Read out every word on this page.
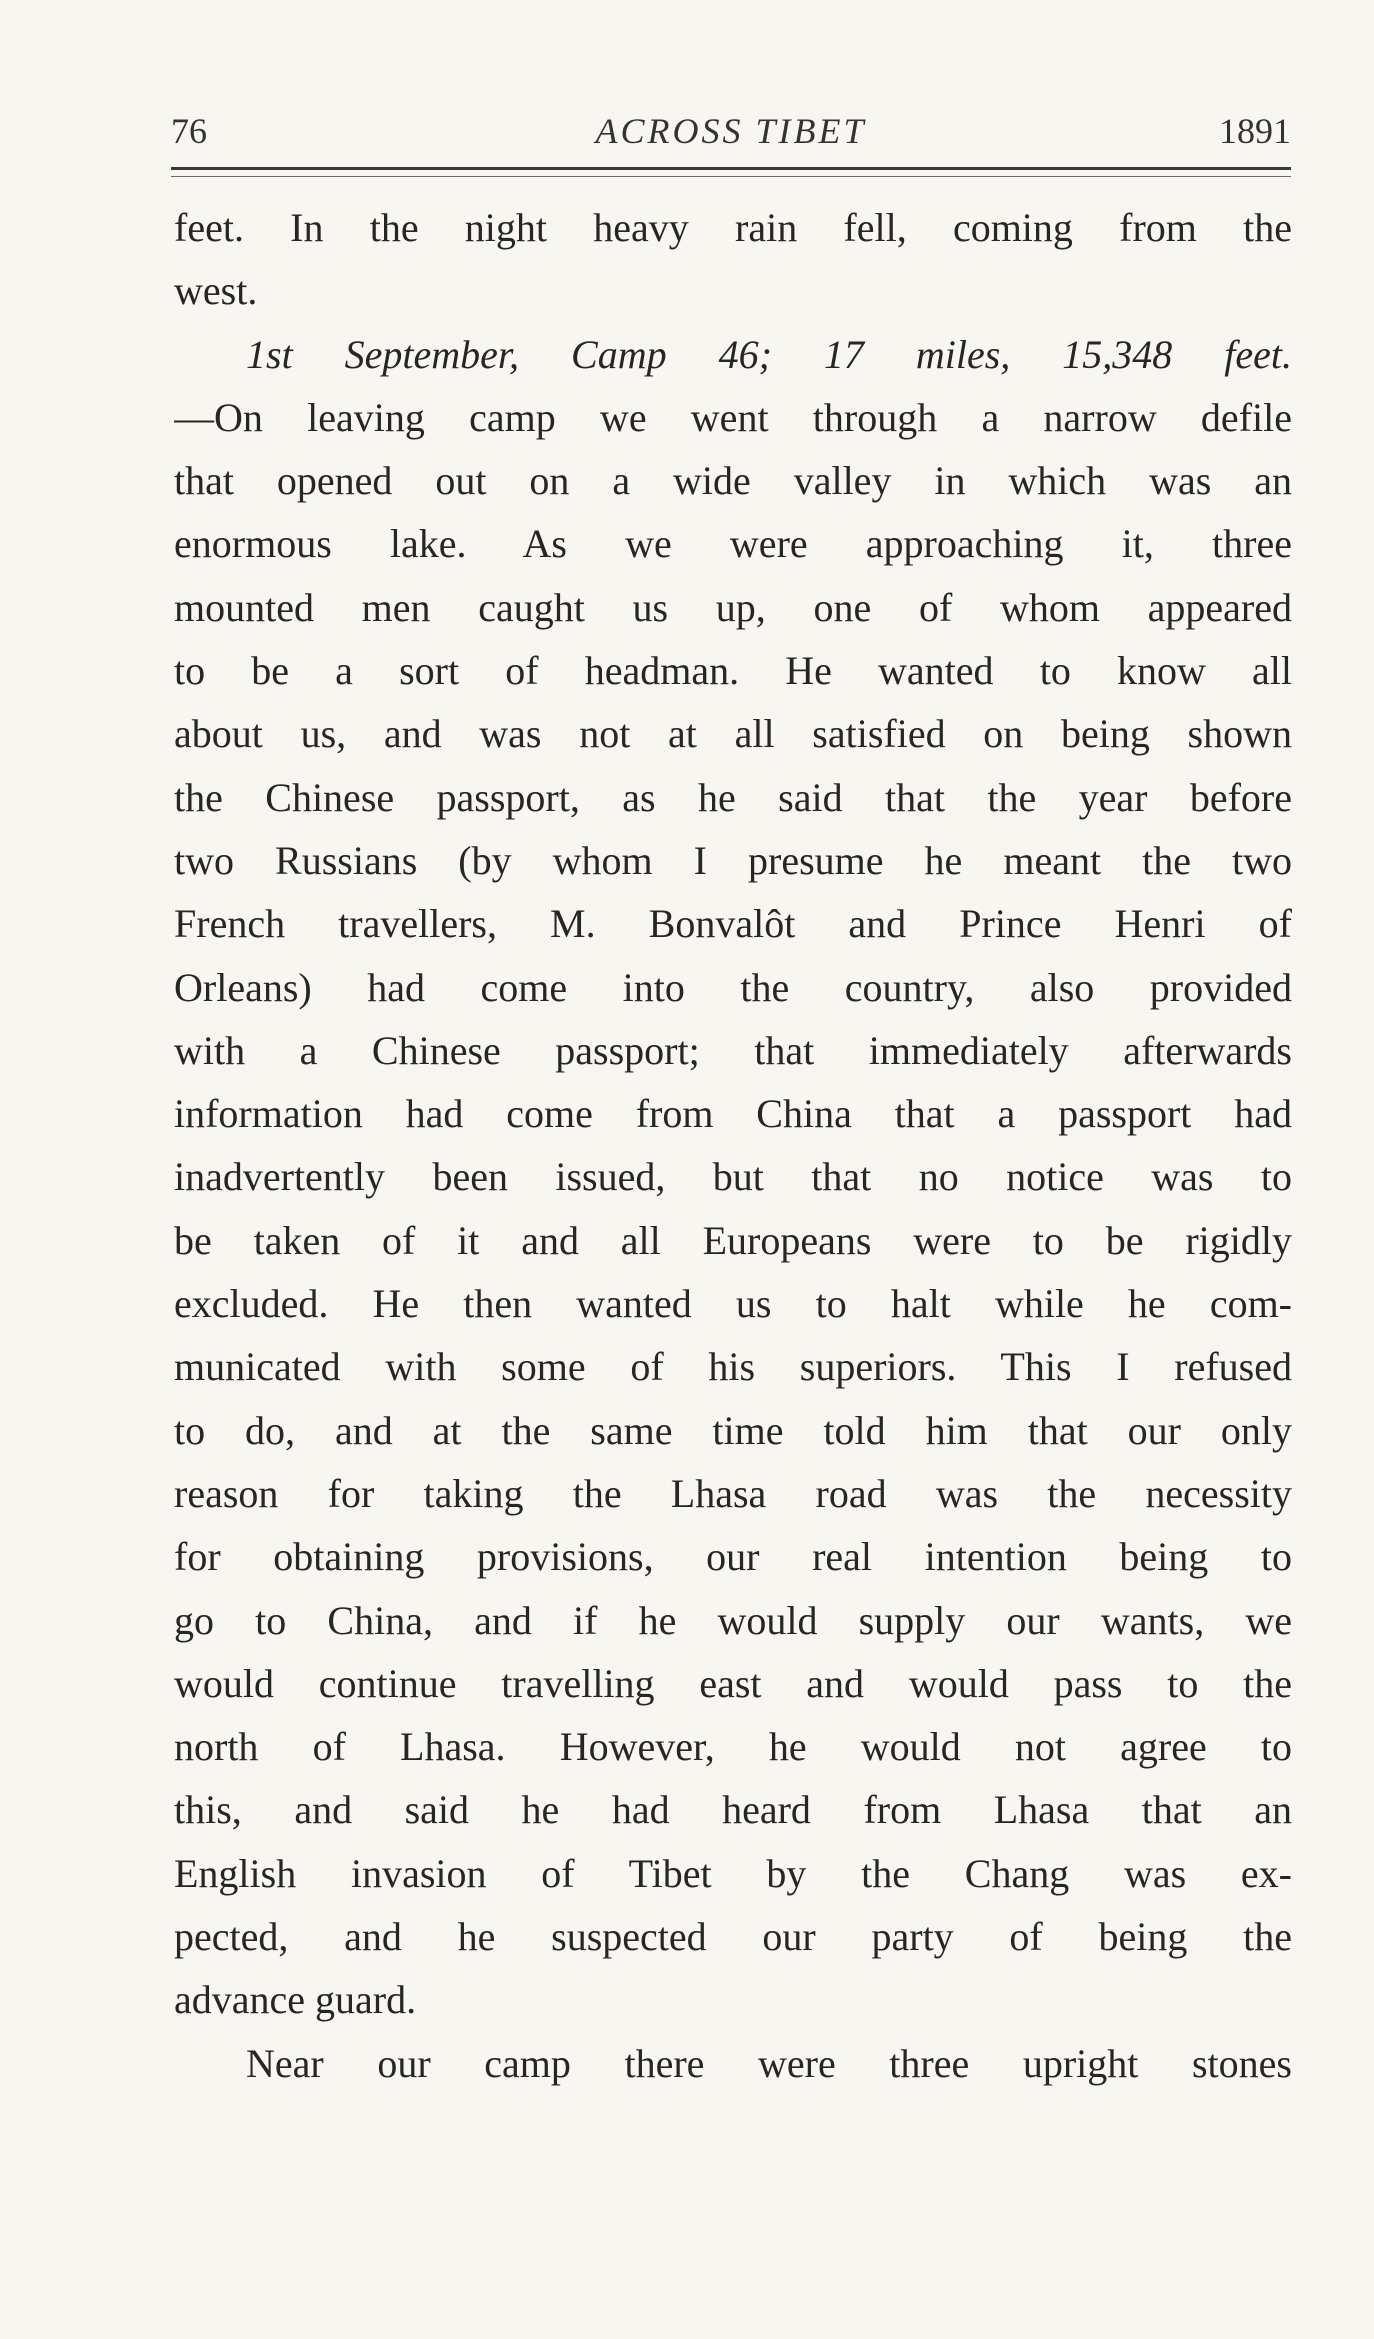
76	ACROSS TIBET	1891
feet. In the night heavy rain fell, coming from the
west.
1st September, Camp 46; 17 miles, 15,348 feet.
—On leaving camp we went through a narrow defile
that opened out on a wide valley in which was an
enormous lake. As we were approaching it, three
mounted men caught us up, one of whom appeared
to be a sort of headman. He wanted to know all
about us, and was not at all satisfied on being shown
the Chinese passport, as he said that the year before
two Russians (by whom I presume he meant the two
French travellers, M. Bonvalôt and Prince Henri of
Orleans) had come into the country, also provided
with a Chinese passport; that immediately afterwards
information had come from China that a passport had
inadvertently been issued, but that no notice was to
be taken of it and all Europeans were to be rigidly
excluded. He then wanted us to halt while he com-
municated with some of his superiors. This I refused
to do, and at the same time told him that our only
reason for taking the Lhasa road was the necessity
for obtaining provisions, our real intention being to
go to China, and if he would supply our wants, we
would continue travelling east and would pass to the
north of Lhasa. However, he would not agree to
this, and said he had heard from Lhasa that an
English invasion of Tibet by the Chang was ex-
pected, and he suspected our party of being the
advance guard.
Near our camp there were three upright stones
